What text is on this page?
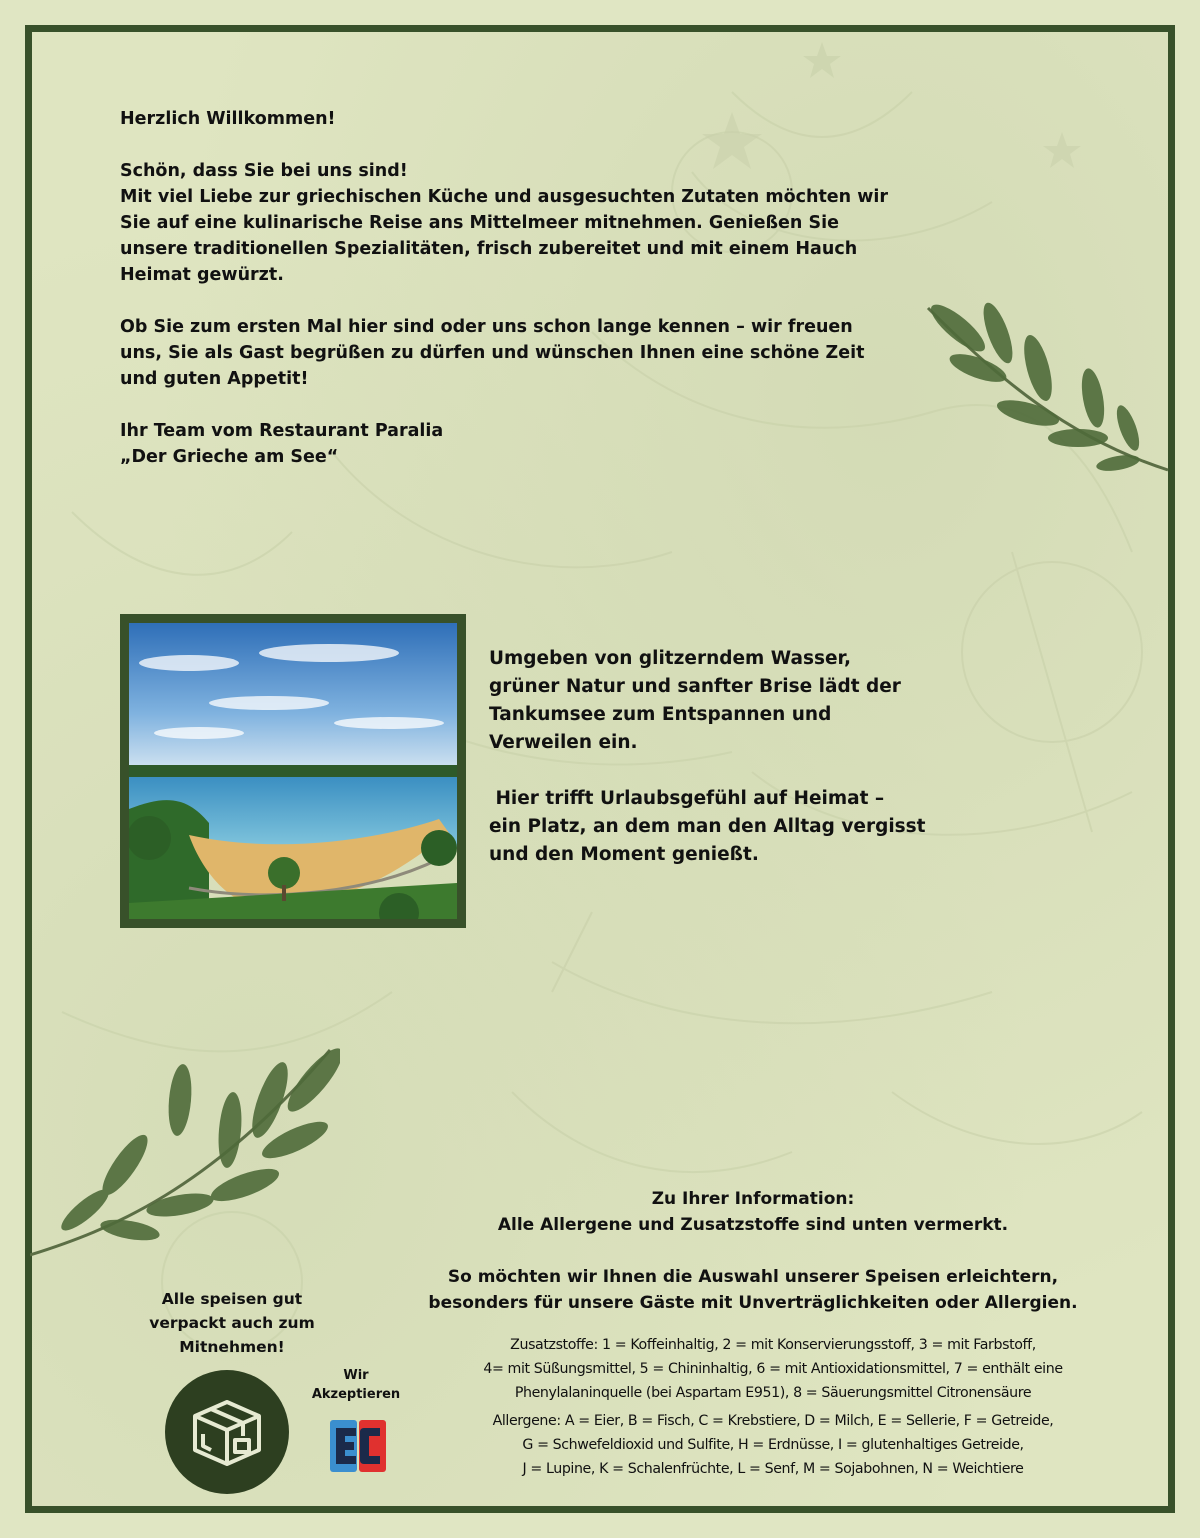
Herzlich Willkommen!

Schön, dass Sie bei uns sind!
Mit viel Liebe zur griechischen Küche und ausgesuchten Zutaten möchten wir
Sie auf eine kulinarische Reise ans Mittelmeer mitnehmen. Genießen Sie
unsere traditionellen Spezialitäten, frisch zubereitet und mit einem Hauch
Heimat gewürzt.

Ob Sie zum ersten Mal hier sind oder uns schon lange kennen – wir freuen
uns, Sie als Gast begrüßen zu dürfen und wünschen Ihnen eine schöne Zeit
und guten Appetit!

Ihr Team vom Restaurant Paralia
„Der Grieche am See“

Umgeben von glitzerndem Wasser,
grüner Natur und sanfter Brise lädt der
Tankumsee zum Entspannen und
Verweilen ein.

Hier trifft Urlaubsgefühl auf Heimat –
ein Platz, an dem man den Alltag vergisst
und den Moment genießt.

Zu Ihrer Information:
Alle Allergene und Zusatzstoffe sind unten vermerkt.

So möchten wir Ihnen die Auswahl unserer Speisen erleichtern,
besonders für unsere Gäste mit Unverträglichkeiten oder Allergien.

Zusatzstoffe: 1 = Koffeinhaltig, 2 = mit Konservierungsstoff, 3 = mit Farbstoff,
4= mit Süßungsmittel, 5 = Chininhaltig, 6 = mit Antioxidationsmittel, 7 = enthält eine
Phenylalaninquelle (bei Aspartam E951), 8 = Säuerungsmittel Citronensäure

Allergene: A = Eier, B = Fisch, C = Krebstiere, D = Milch, E = Sellerie, F = Getreide,
G = Schwefeldioxid und Sulfite, H = Erdnüsse, I = glutenhaltiges Getreide,
J = Lupine, K = Schalenfrüchte, L = Senf, M = Sojabohnen, N = Weichtiere

Alle speisen gut
verpackt auch zum
Mitnehmen!
Wir
Akzeptieren
